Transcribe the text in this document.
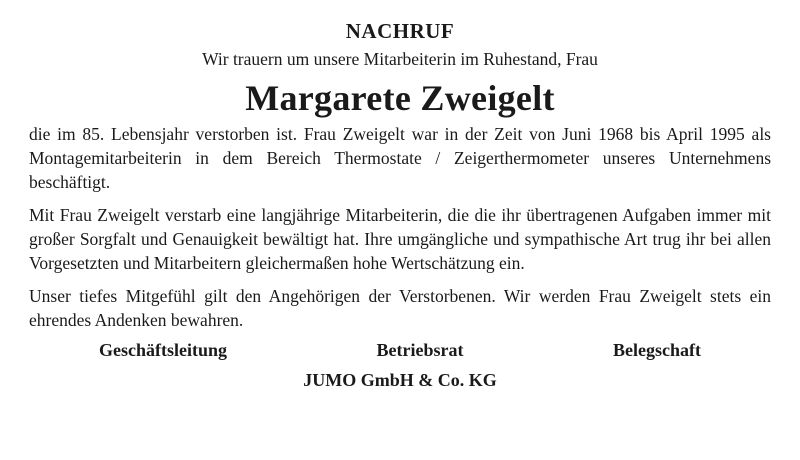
NACHRUF

Wir trauern um unsere Mitarbeiterin im Ruhestand, Frau

Margarete Zweigelt

die im 85. Lebensjahr verstorben ist. Frau Zweigelt war in der Zeit von Juni 1968 bis April 1995 als Montagemitarbeiterin in dem Bereich Thermostate / Zeigerthermometer unseres Unternehmens beschäftigt.

Mit Frau Zweigelt verstarb eine langjährige Mitarbeiterin, die die ihr übertragenen Aufgaben immer mit großer Sorgfalt und Genauigkeit bewältigt hat. Ihre umgängliche und sympathische Art trug ihr bei allen Vorgesetzten und Mitarbeitern gleichermaßen hohe Wertschätzung ein.

Unser tiefes Mitgefühl gilt den Angehörigen der Verstorbenen. Wir werden Frau Zweigelt stets ein ehrendes Andenken bewahren.

Geschäftsleitung	Betriebsrat	Belegschaft
JUMO GmbH & Co. KG
